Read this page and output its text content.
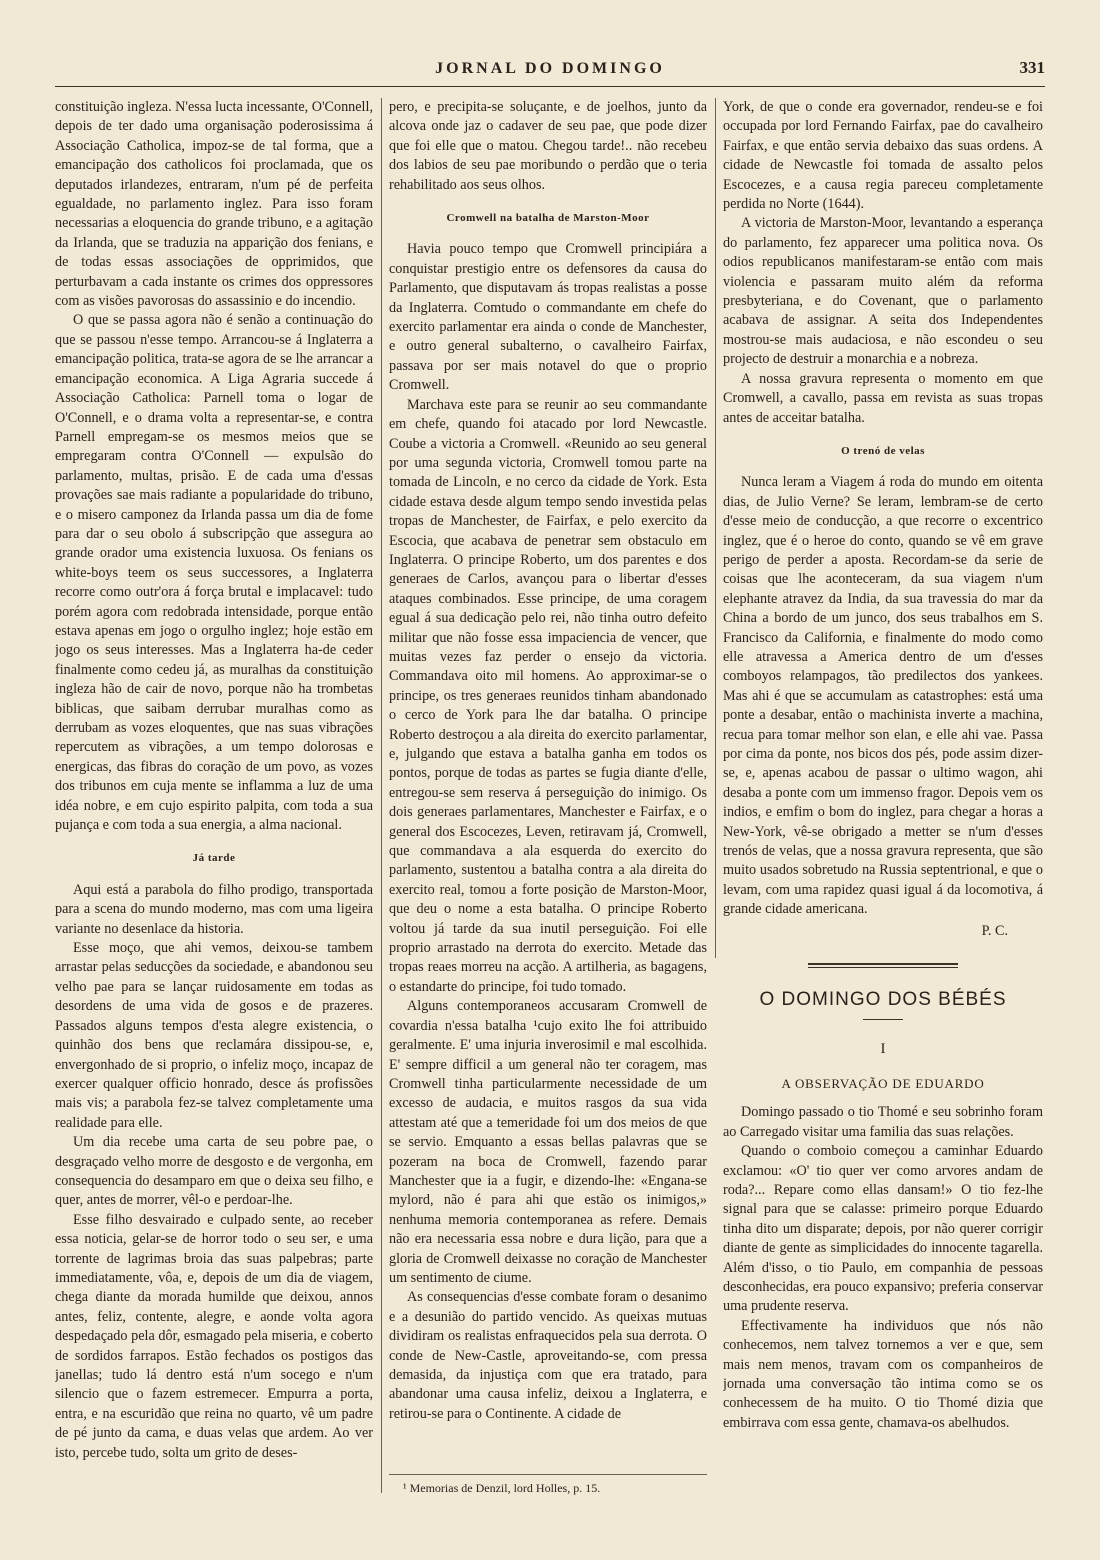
JORNAL DO DOMINGO	331

constituição ingleza. N'essa lucta incessante, O'Connell, depois de ter dado uma organisação poderosissima á Associação Catholica, impoz-se de tal forma, que a emancipação dos catholicos foi proclamada, que os deputados irlandezes, entraram, n'um pé de perfeita egualdade, no parlamento inglez. Para isso foram necessarias a eloquencia do grande tribuno, e a agitação da Irlanda, que se traduzia na apparição dos fenians, e de todas essas associações de opprimidos, que perturbavam a cada instante os crimes dos oppressores com as visões pavorosas do assassinio e do incendio.

O que se passa agora não é senão a continuação do que se passou n'esse tempo. Arrancou-se á Inglaterra a emancipação politica, trata-se agora de se lhe arrancar a emancipação economica. A Liga Agraria succede á Associação Catholica: Parnell toma o logar de O'Connell, e o drama volta a representar-se, e contra Parnell empregam-se os mesmos meios que se empregaram contra O'Connell — expulsão do parlamento, multas, prisão. E de cada uma d'essas provações sae mais radiante a popularidade do tribuno, e o misero camponez da Irlanda passa um dia de fome para dar o seu obolo á subscripção que assegura ao grande orador uma existencia luxuosa. Os fenians os white-boys teem os seus successores, a Inglaterra recorre como outr'ora á força brutal e implacavel: tudo porém agora com redobrada intensidade, porque então estava apenas em jogo o orgulho inglez; hoje estão em jogo os seus interesses. Mas a Inglaterra ha-de ceder finalmente como cedeu já, as muralhas da constituição ingleza hão de cair de novo, porque não ha trombetas biblicas, que saibam derrubar muralhas como as derrubam as vozes eloquentes, que nas suas vibrações repercutem as vibrações, a um tempo dolorosas e energicas, das fibras do coração de um povo, as vozes dos tribunos em cuja mente se inflamma a luz de uma idéa nobre, e em cujo espirito palpita, com toda a sua pujança e com toda a sua energia, a alma nacional.

Já tarde

Aqui está a parabola do filho prodigo, transportada para a scena do mundo moderno, mas com uma ligeira variante no desenlace da historia.

Esse moço, que ahi vemos, deixou-se tambem arrastar pelas seducções da sociedade, e abandonou seu velho pae para se lançar ruidosamente em todas as desordens de uma vida de gosos e de prazeres. Passados alguns tempos d'esta alegre existencia, o quinhão dos bens que reclamára dissipou-se, e, envergonhado de si proprio, o infeliz moço, incapaz de exercer qualquer officio honrado, desce ás profissões mais vis; a parabola fez-se talvez completamente uma realidade para elle.

Um dia recebe uma carta de seu pobre pae, o desgraçado velho morre de desgosto e de vergonha, em consequencia do desamparo em que o deixa seu filho, e quer, antes de morrer, vêl-o e perdoar-lhe.

Esse filho desvairado e culpado sente, ao receber essa noticia, gelar-se de horror todo o seu ser, e uma torrente de lagrimas broia das suas palpebras; parte immediatamente, vôa, e, depois de um dia de viagem, chega diante da morada humilde que deixou, annos antes, feliz, contente, alegre, e aonde volta agora despedaçado pela dôr, esmagado pela miseria, e coberto de sordidos farrapos. Estão fechados os postigos das janellas; tudo lá dentro está n'um socego e n'um silencio que o fazem estremecer. Empurra a porta, entra, e na escuridão que reina no quarto, vê um padre de pé junto da cama, e duas velas que ardem. Ao ver isto, percebe tudo, solta um grito de deses-

pero, e precipita-se soluçante, e de joelhos, junto da alcova onde jaz o cadaver de seu pae, que pode dizer que foi elle que o matou. Chegou tarde!.. não recebeu dos labios de seu pae moribundo o perdão que o teria rehabilitado aos seus olhos.

Cromwell na batalha de Marston-Moor

Havia pouco tempo que Cromwell principiára a conquistar prestigio entre os defensores da causa do Parlamento, que disputavam ás tropas realistas a posse da Inglaterra. Comtudo o commandante em chefe do exercito parlamentar era ainda o conde de Manchester, e outro general subalterno, o cavalheiro Fairfax, passava por ser mais notavel do que o proprio Cromwell.

Marchava este para se reunir ao seu commandante em chefe, quando foi atacado por lord Newcastle. Coube a victoria a Cromwell. «Reunido ao seu general por uma segunda victoria, Cromwell tomou parte na tomada de Lincoln, e no cerco da cidade de York. Esta cidade estava desde algum tempo sendo investida pelas tropas de Manchester, de Fairfax, e pelo exercito da Escocia, que acabava de penetrar sem obstaculo em Inglaterra. O principe Roberto, um dos parentes e dos generaes de Carlos, avançou para o libertar d'esses ataques combinados. Esse principe, de uma coragem egual á sua dedicação pelo rei, não tinha outro defeito militar que não fosse essa impaciencia de vencer, que muitas vezes faz perder o ensejo da victoria. Commandava oito mil homens. Ao approximar-se o principe, os tres generaes reunidos tinham abandonado o cerco de York para lhe dar batalha. O principe Roberto destroçou a ala direita do exercito parlamentar, e, julgando que estava a batalha ganha em todos os pontos, porque de todas as partes se fugia diante d'elle, entregou-se sem reserva á perseguição do inimigo. Os dois generaes parlamentares, Manchester e Fairfax, e o general dos Escocezes, Leven, retiravam já, Cromwell, que commandava a ala esquerda do exercito do parlamento, sustentou a batalha contra a ala direita do exercito real, tomou a forte posição de Marston-Moor, que deu o nome a esta batalha. O principe Roberto voltou já tarde da sua inutil perseguição. Foi elle proprio arrastado na derrota do exercito. Metade das tropas reaes morreu na acção. A artilheria, as bagagens, o estandarte do principe, foi tudo tomado.

Alguns contemporaneos accusaram Cromwell de covardia n'essa batalha ¹cujo exito lhe foi attribuido geralmente. E' uma injuria inverosimil e mal escolhida. E' sempre difficil a um general não ter coragem, mas Cromwell tinha particularmente necessidade de um excesso de audacia, e muitos rasgos da sua vida attestam até que a temeridade foi um dos meios de que se servio. Emquanto a essas bellas palavras que se pozeram na boca de Cromwell, fazendo parar Manchester que ia a fugir, e dizendo-lhe: «Enganа-se mylord, não é para ahi que estão os inimigos,» nenhuma memoria contemporanea as refere. Demais não era necessaria essa nobre e dura lição, para que a gloria de Cromwell deixasse no coração de Manchester um sentimento de ciume.

As consequencias d'esse combate foram o desanimo e a desunião do partido vencido. As queixas mutuas dividiram os realistas enfraquecidos pela sua derrota. O conde de New-Castle, aproveitando-se, com pressa demasida, da injustiça com que era tratado, para abandonar uma causa infeliz, deixou a Inglaterra, e retirou-se para o Continente. A cidade de

¹ Memorias de Denzil, lord Holles, p. 15.

York, de que o conde era governador, rendeu-se e foi occupada por lord Fernando Fairfax, pae do cavalheiro Fairfax, e que então servia debaixo das suas ordens. A cidade de Newcastle foi tomada de assalto pelos Escocezes, e a causa regia pareceu completamente perdida no Norte (1644).

A victoria de Marston-Moor, levantando a esperança do parlamento, fez apparecer uma politica nova. Os odios republicanos manifestaram-se então com mais violencia e passaram muito além da reforma presbyteriana, e do Covenant, que o parlamento acabava de assignar. A seita dos Independentes mostrou-se mais audaciosa, e não escondeu o seu projecto de destruir a monarchia e a nobreza.

A nossa gravura representa o momento em que Cromwell, a cavallo, passa em revista as suas tropas antes de acceitar batalha.

O trenó de velas

Nunca leram a Viagem á roda do mundo em oitenta dias, de Julio Verne? Se leram, lembram-se de certo d'esse meio de conducção, a que recorre o excentrico inglez, que é o heroe do conto, quando se vê em grave perigo de perder a aposta. Recordam-se da serie de coisas que lhe aconteceram, da sua viagem n'um elephante atravez da India, da sua travessia do mar da China a bordo de um junco, dos seus trabalhos em S. Francisco da California, e finalmente do modo como elle atravessa a America dentro de um d'esses comboyos relampagos, tão predilectos dos yankees. Mas ahi é que se accumulam as catastrophes: está uma ponte a desabar, então o machinista inverte a machina, recua para tomar melhor son elan, e elle ahi vae. Passa por cima da ponte, nos bicos dos pés, pode assim dizer-se, e, apenas acabou de passar o ultimo wagon, ahi desaba a ponte com um immenso fragor. Depois vem os indios, e emfim o bom do inglez, para chegar a horas a New-York, vê-se obrigado a metter se n'um d'esses trenós de velas, que a nossa gravura representa, que são muito usados sobretudo na Russia septentrional, e que o levam, com uma rapidez quasi igual á da locomotiva, á grande cidade americana.

P. C.

O DOMINGO DOS BÉBÉS

I

A OBSERVAÇÃO DE EDUARDO

Domingo passado o tio Thomé e seu sobrinho foram ao Carregado visitar uma familia das suas relações.

Quando o comboio começou a caminhar Eduardo exclamou: «O' tio quer ver como arvores andam de roda?... Repare como ellas dansam!» O tio fez-lhe signal para que se calasse: primeiro porque Eduardo tinha dito um disparate; depois, por não querer corrigir diante de gente as simplicidades do innocente tagarella. Além d'isso, o tio Paulo, em companhia de pessoas desconhecidas, era pouco expansivo; preferia conservar uma prudente reserva.

Effectivamente ha individuos que nós não conhecemos, nem talvez tornemos a ver e que, sem mais nem menos, travam com os companheiros de jornada uma conversação tão intima como se os conhecessem de ha muito. O tio Thomé dizia que embirrava com essa gente, chamava-os abelhudos.
